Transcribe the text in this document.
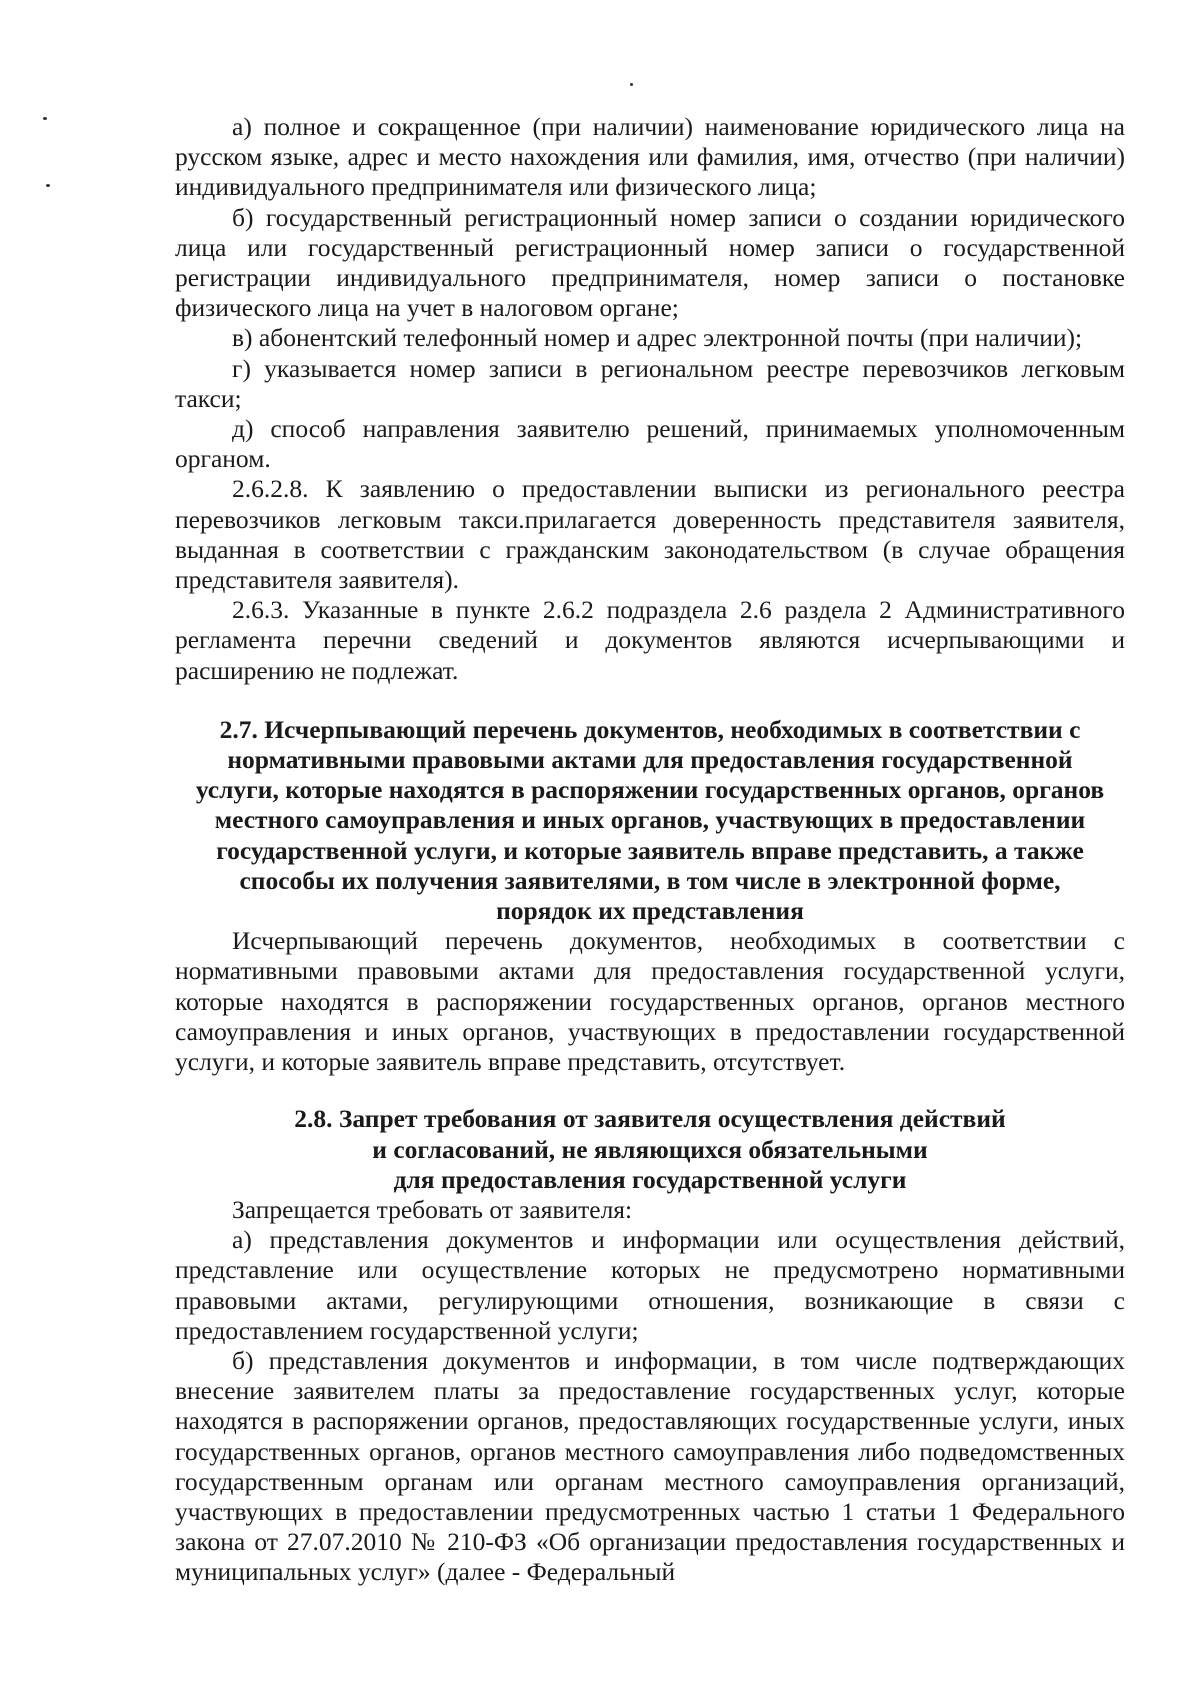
а) полное и сокращенное (при наличии) наименование юридического лица на русском языке, адрес и место нахождения или фамилия, имя, отчество (при наличии) индивидуального предпринимателя или физического лица;

б) государственный регистрационный номер записи о создании юридического лица или государственный регистрационный номер записи о государственной регистрации индивидуального предпринимателя, номер записи о постановке физического лица на учет в налоговом органе;

в) абонентский телефонный номер и адрес электронной почты (при наличии);

г) указывается номер записи в региональном реестре перевозчиков легковым такси;

д) способ направления заявителю решений, принимаемых уполномоченным органом.

2.6.2.8. К заявлению о предоставлении выписки из регионального реестра перевозчиков легковым такси.прилагается доверенность представителя заявителя, выданная в соответствии с гражданским законодательством (в случае обращения представителя заявителя).

2.6.3. Указанные в пункте 2.6.2 подраздела 2.6 раздела 2 Административного регламента перечни сведений и документов являются исчерпывающими и расширению не подлежат.

2.7. Исчерпывающий перечень документов, необходимых в соответствии с
нормативными правовыми актами для предоставления государственной
услуги, которые находятся в распоряжении государственных органов, органов
местного самоуправления и иных органов, участвующих в предоставлении
государственной услуги, и которые заявитель вправе представить, а также
способы их получения заявителями, в том числе в электронной форме,
порядок их представления

Исчерпывающий перечень документов, необходимых в соответствии с нормативными правовыми актами для предоставления государственной услуги, которые находятся в распоряжении государственных органов, органов местного самоуправления и иных органов, участвующих в предоставлении государственной услуги, и которые заявитель вправе представить, отсутствует.

2.8. Запрет требования от заявителя осуществления действий
и согласований, не являющихся обязательными
для предоставления государственной услуги

Запрещается требовать от заявителя:

а) представления документов и информации или осуществления действий, представление или осуществление которых не предусмотрено нормативными правовыми актами, регулирующими отношения, возникающие в связи с предоставлением государственной услуги;

б) представления документов и информации, в том числе подтверждающих внесение заявителем платы за предоставление государственных услуг, которые находятся в распоряжении органов, предоставляющих государственные услуги, иных государственных органов, органов местного самоуправления либо подведомственных государственным органам или органам местного самоуправления организаций, участвующих в предоставлении предусмотренных частью 1 статьи 1 Федерального закона от 27.07.2010 № 210-ФЗ «Об организации предоставления государственных и муниципальных услуг» (далее - Федеральный
